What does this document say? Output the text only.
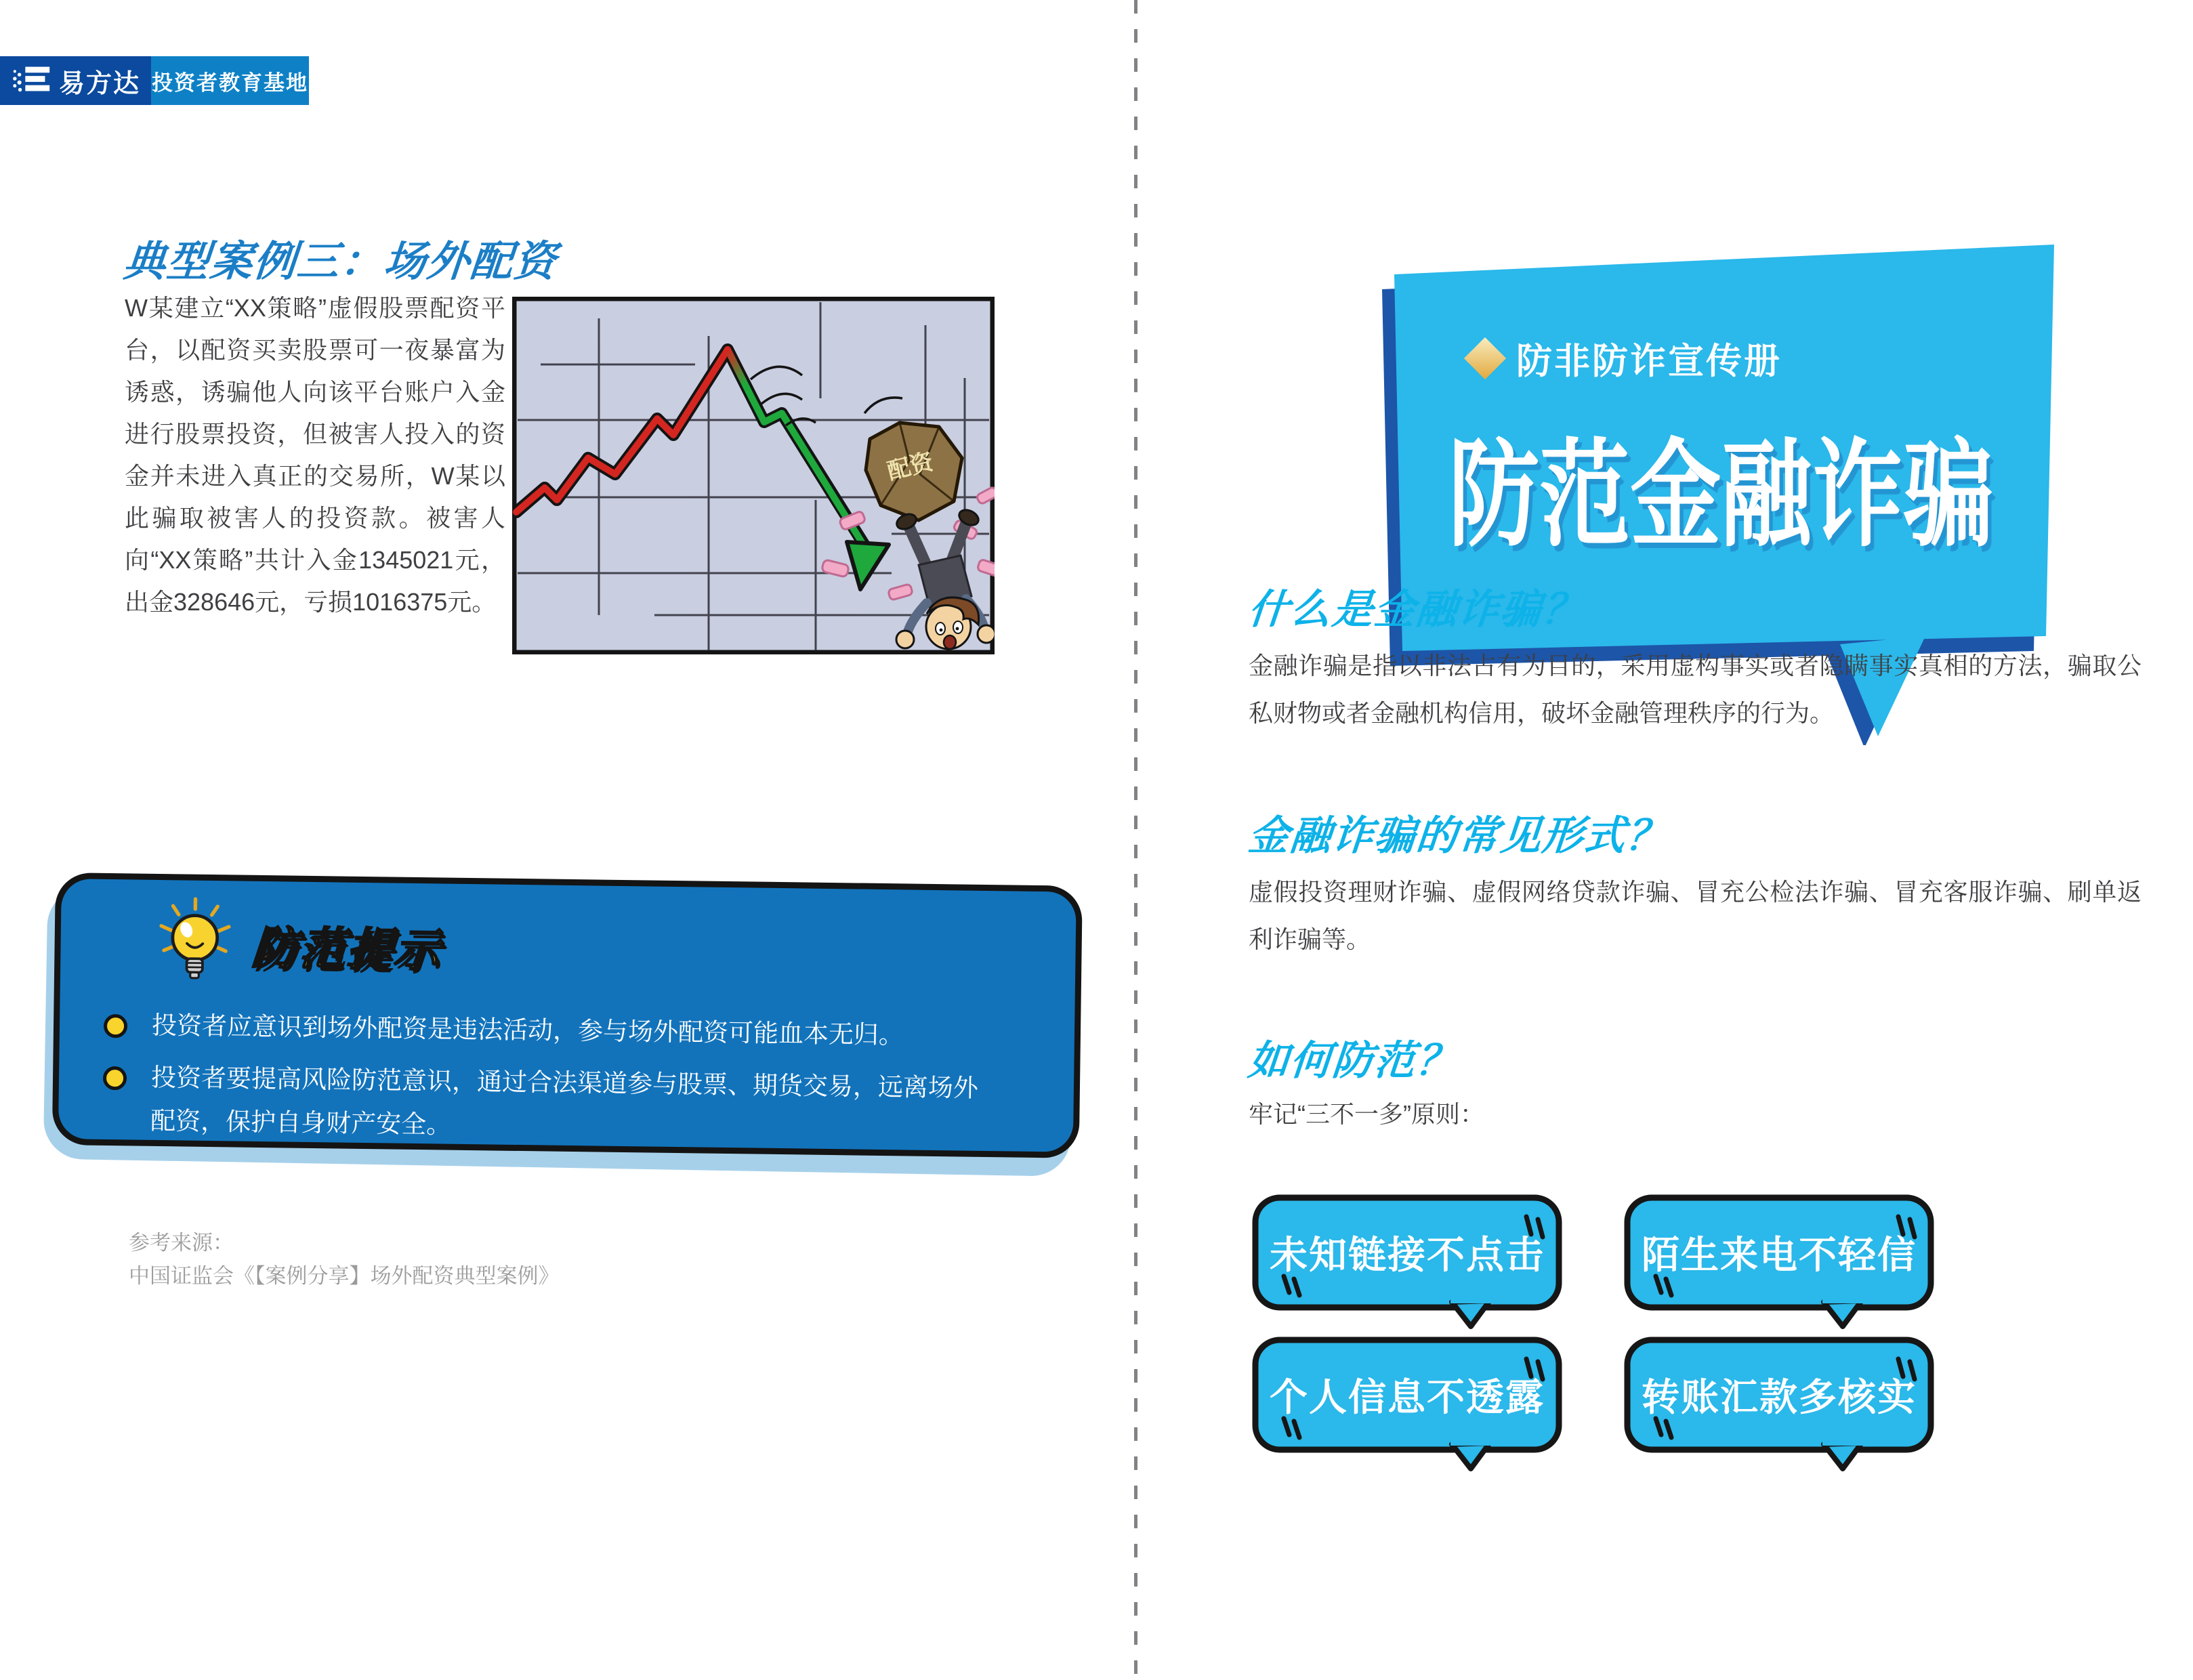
易方达 投资者教育基地
典型案例三：场外配资
W某建立“XX策略”虚假股票配资平台，以配资买卖股票可一夜暴富为诱惑，诱骗他人向该平台账户入金进行股票投资，但被害人投入的资金并未进入真正的交易所，W某以此骗取被害人的投资款。被害人向“XX策略”共计入金1345021元，出金328646元，亏损1016375元。
配资
防范提示
投资者应意识到场外配资是违法活动，参与场外配资可能血本无归。
投资者要提高风险防范意识，通过合法渠道参与股票、期货交易，远离场外配资，保护自身财产安全。
参考来源：
中国证监会《【案例分享】场外配资典型案例》
防非防诈宣传册
防范金融诈骗
什么是金融诈骗？
金融诈骗是指以非法占有为目的，采用虚构事实或者隐瞒事实真相的方法，骗取公私财物或者金融机构信用，破坏金融管理秩序的行为。
金融诈骗的常见形式？
虚假投资理财诈骗、虚假网络贷款诈骗、冒充公检法诈骗、冒充客服诈骗、刷单返利诈骗等。
如何防范？
牢记“三不一多”原则：
未知链接不点击	陌生来电不轻信
个人信息不透露	转账汇款多核实
